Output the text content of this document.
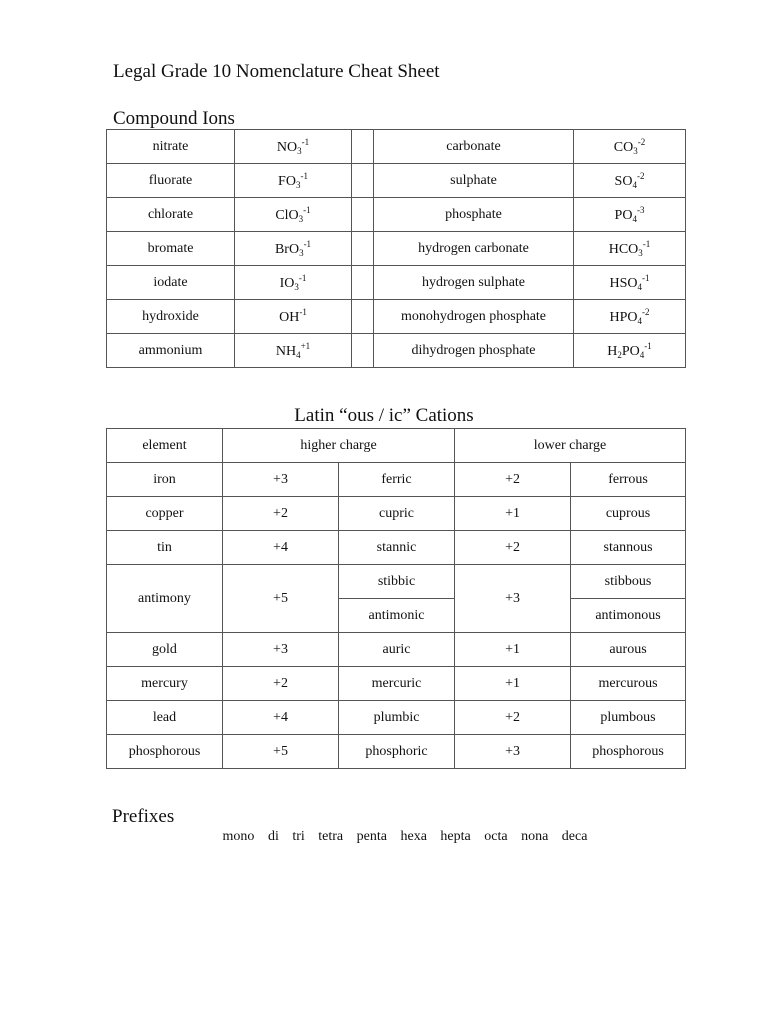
Legal Grade 10 Nomenclature Cheat Sheet
Compound Ions
nitrate	$NO_3^{-1}$		carbonate	$CO_3^{-2}$
fluorate	$FO_3^{-1}$		sulphate	$SO_4^{-2}$
chlorate	ClO$_3^{-1}$		phosphate	$PO_4^{-3}$
bromate	BrO$_3^{-1}$		hydrogen carbonate	$HCO_3^{-1}$
iodate	$IO_3^{-1}$		hydrogen sulphate	$HSO_4^{-1}$
hydroxide	$OH^{-1}$		monohydrogen phosphate	$HPO_4^{-2}$
ammonium	$NH_4^{+1}$		dihydrogen phosphate	$H_2PO_4^{-1}$
Latin “ous / ic” Cations
element	higher charge		lower charge	
iron	+3	ferric	+2	ferrous
copper	+2	cupric	+1	cuprous
tin	+4	stannic	+2	stannous
antimony	+5	stibbic	+3	stibbous
		antimonic		antimonous
gold	+3	auric	+1	aurous
mercury	+2	mercuric	+1	mercurous
lead	+4	plumbic	+2	plumbous
phosphorous	+5	phosphoric	+3	phosphorous
Prefixes
mono di tri tetra penta hexa hepta octa nona deca
